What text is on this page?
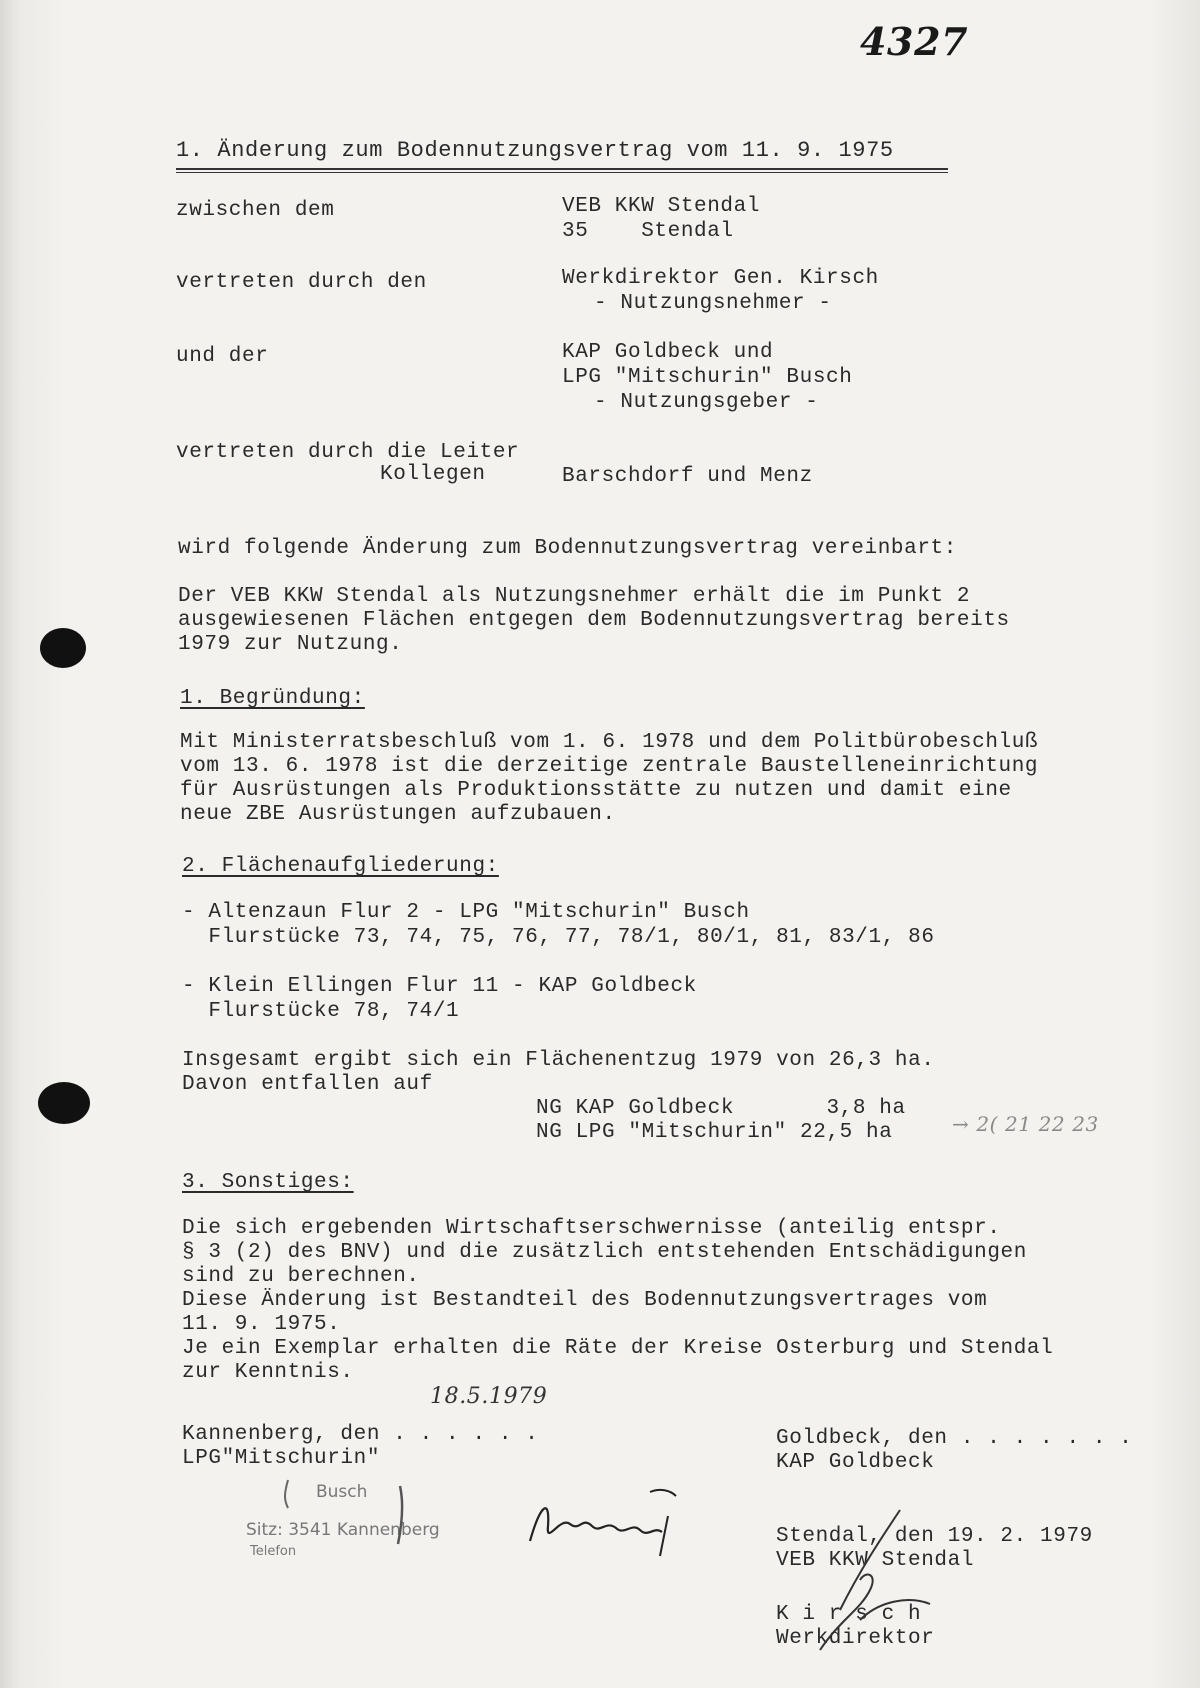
4327
1. Änderung zum Bodennutzungsvertrag vom 11. 9. 1975
zwischen dem	VEB KKW Stendal
35    Stendal
vertreten durch den	Werkdirektor Gen. Kirsch
- Nutzungsnehmer -
und der	KAP Goldbeck und
LPG "Mitschurin" Busch
- Nutzungsgeber -
vertreten durch die Leiter
Kollegen	Barschdorf und Menz
wird folgende Änderung zum Bodennutzungsvertrag vereinbart:
Der VEB KKW Stendal als Nutzungsnehmer erhält die im Punkt 2
ausgewiesenen Flächen entgegen dem Bodennutzungsvertrag bereits
1979 zur Nutzung.
1. Begründung:
Mit Ministerratsbeschluß vom 1. 6. 1978 und dem Politbürobeschluß
vom 13. 6. 1978 ist die derzeitige zentrale Baustelleneinrichtung
für Ausrüstungen als Produktionsstätte zu nutzen und damit eine
neue ZBE Ausrüstungen aufzubauen.
2. Flächenaufgliederung:
- Altenzaun Flur 2 - LPG "Mitschurin" Busch
Flurstücke 73, 74, 75, 76, 77, 78/1, 80/1, 81, 83/1, 86
- Klein Ellingen Flur 11 - KAP Goldbeck
Flurstücke 78, 74/1
Insgesamt ergibt sich ein Flächenentzug 1979 von 26,3 ha.
Davon entfallen auf
NG KAP Goldbeck       3,8 ha
NG LPG "Mitschurin" 22,5 ha	→ 2( 21 22 23
3. Sonstiges:
Die sich ergebenden Wirtschaftserschwernisse (anteilig entspr.
§ 3 (2) des BNV) und die zusätzlich entstehenden Entschädigungen
sind zu berechnen.
Diese Änderung ist Bestandteil des Bodennutzungsvertrages vom
11. 9. 1975.
Je ein Exemplar erhalten die Räte der Kreise Osterburg und Stendal
zur Kenntnis.
18.5.1979
Kannenberg, den . . . . . .
LPG"Mitschurin"
Busch
Sitz: 3541 Kannenberg
Telefon
Goldbeck, den . . . . . . .
KAP Goldbeck
Stendal, den 19. 2. 1979
VEB KKW Stendal
K i r s c h
Werkdirektor
